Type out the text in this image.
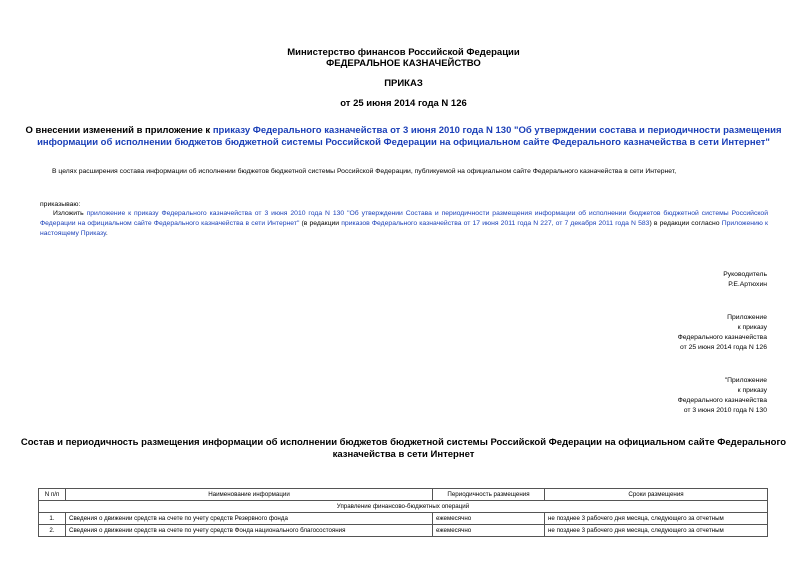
Министерство финансов Российской Федерации
ФЕДЕРАЛЬНОЕ КАЗНАЧЕЙСТВО
ПРИКАЗ
от 25 июня 2014 года N 126
О внесении изменений в приложение к приказу Федерального казначейства от 3 июня 2010 года N 130 "Об утверждении состава и периодичности размещения
информации об исполнении бюджетов бюджетной системы Российской Федерации на официальном сайте Федерального казначейства в сети Интернет"
В целях расширения состава информации об исполнении бюджетов бюджетной системы Российской Федерации, публикуемой на официальном сайте Федерального казначейства в сети Интернет,
приказываю:
Изложить приложение к приказу Федерального казначейства от 3 июня 2010 года N 130 "Об утверждении Состава и периодичности размещения информации об исполнении бюджетов бюджетной системы Российской Федерации на официальном сайте Федерального казначейства в сети Интернет" (в редакции приказов Федерального казначейства от 17 июня 2011 года N 227, от 7 декабря 2011 года N 583) в редакции согласно Приложению к настоящему Приказу.
Руководитель
Р.Е.Артюхин
Приложение
к приказу
Федерального казначейства
от 25 июня 2014 года N 126
"Приложение
к приказу
Федерального казначейства
от 3 июня 2010 года N 130
Состав и периодичность размещения информации об исполнении бюджетов бюджетной системы Российской Федерации на официальном сайте Федерального
казначейства в сети Интернет
N п/п	Наименование информации	Периодичность размещения	Сроки размещения
Управление финансово-бюджетных операций			
1.	Сведения о движении средств на счете по учету средств Резервного фонда	ежемесячно	не позднее 3 рабочего дня месяца, следующего за отчетным
2.	Сведения о движении средств на счете по учету средств Фонда национального благосостояния	ежемесячно	не позднее 3 рабочего дня месяца, следующего за отчетным
